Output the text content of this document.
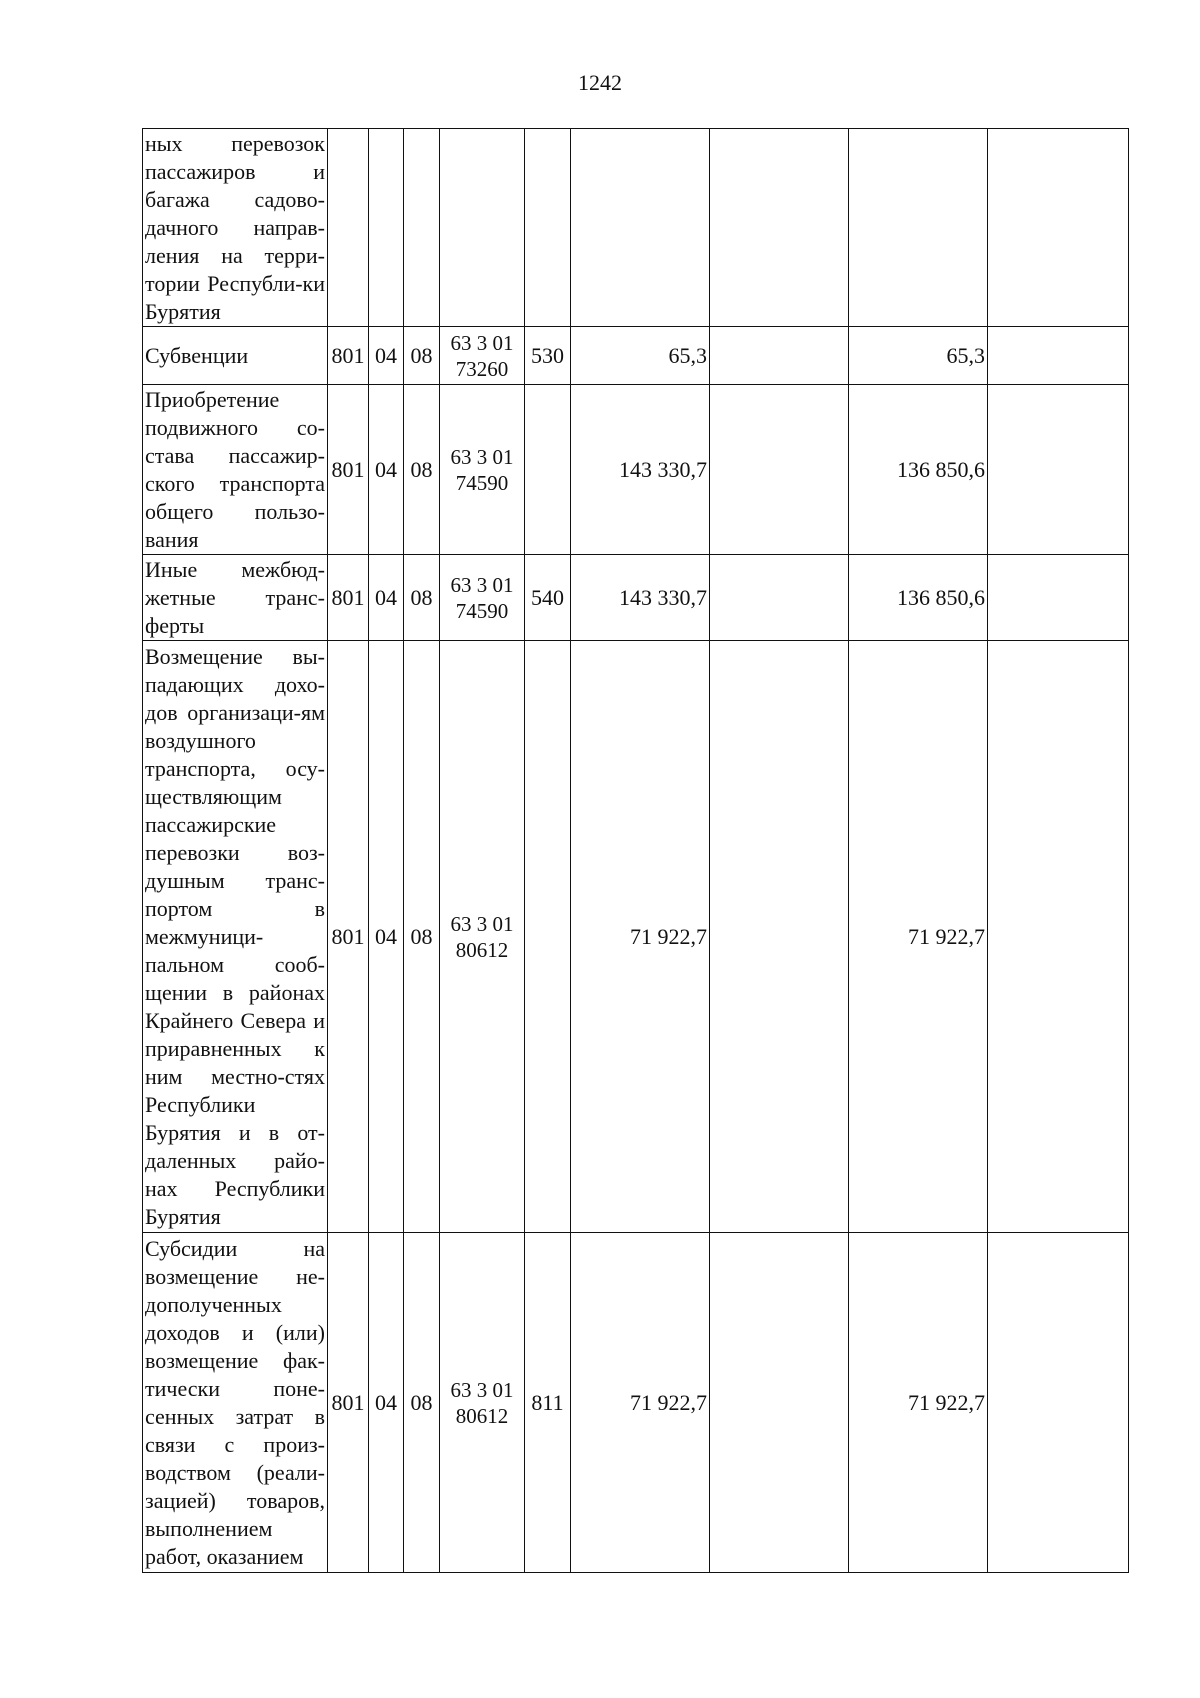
1242
ных перевозок пассажиров и багажа садово-дачного направ-ления на терри-тории Республи-ки Бурятия									

Субвенции	801	04	08	63 3 01 73260	530	65,3		65,3	

Приобретение подвижного со-става пассажир-ского транспорта общего пользо-вания	801	04	08	63 3 01 74590		143 330,7		136 850,6	

Иные межбюд-жетные транс-ферты	801	04	08	63 3 01 74590	540	143 330,7		136 850,6	

Возмещение вы-падающих дохо-дов организаци-ям воздушного транспорта, осу-ществляющим пассажирские перевозки воз-душным транс-портом в межмуници-пальном сооб-щении в районах Крайнего Севера и приравненных к ним местно-стях Республики Бурятия и в от-даленных райо-нах Республики Бурятия	801	04	08	63 3 01 80612		71 922,7		71 922,7	

Субсидии на возмещение не-дополученных доходов и (или) возмещение фак-тически поне-сенных затрат в связи с произ-водством (реали-зацией) товаров, выполнением работ, оказанием	801	04	08	63 3 01 80612	811	71 922,7		71 922,7	
